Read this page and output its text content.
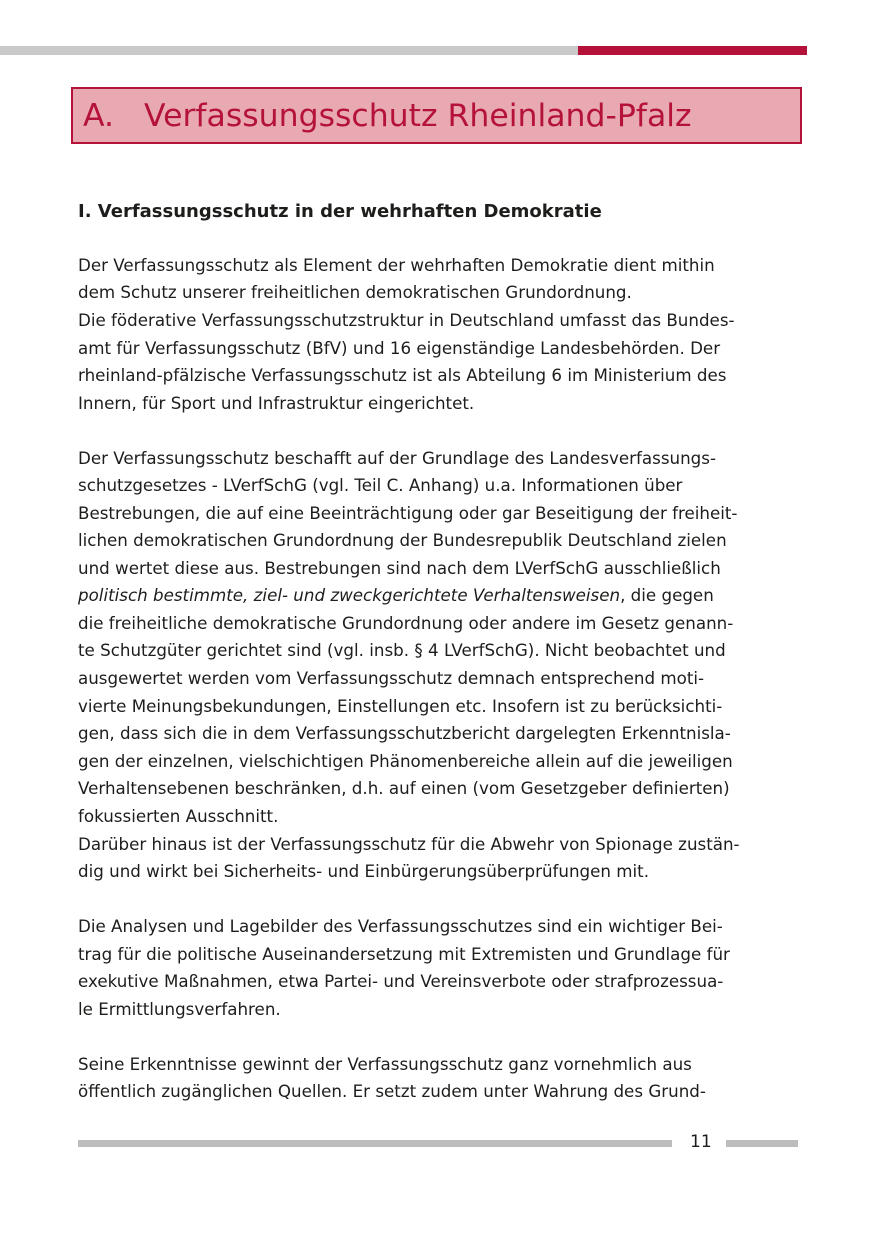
A. Verfassungsschutz Rheinland-Pfalz
I. Verfassungsschutz in der wehrhaften Demokratie

Der Verfassungsschutz als Element der wehrhaften Demokratie dient mithin

dem Schutz unserer freiheitlichen demokratischen Grundordnung.

Die föderative Verfassungsschutzstruktur in Deutschland umfasst das Bundes-

amt für Verfassungsschutz (BfV) und 16 eigenständige Landesbehörden. Der

rheinland-pfälzische Verfassungsschutz ist als Abteilung 6 im Ministerium des

Innern, für Sport und Infrastruktur eingerichtet.

Der Verfassungsschutz beschafft auf der Grundlage des Landesverfassungs-

schutzgesetzes - LVerfSchG (vgl. Teil C. Anhang) u.a. Informationen über

Bestrebungen, die auf eine Beeinträchtigung oder gar Beseitigung der freiheit-

lichen demokratischen Grundordnung der Bundesrepublik Deutschland zielen

und wertet diese aus. Bestrebungen sind nach dem LVerfSchG ausschließlich

politisch bestimmte, ziel- und zweckgerichtete Verhaltensweisen, die gegen

die freiheitliche demokratische Grundordnung oder andere im Gesetz genann-

te Schutzgüter gerichtet sind (vgl. insb. § 4 LVerfSchG). Nicht beobachtet und

ausgewertet werden vom Verfassungsschutz demnach entsprechend moti-

vierte Meinungsbekundungen, Einstellungen etc. Insofern ist zu berücksichti-

gen, dass sich die in dem Verfassungsschutzbericht dargelegten Erkenntnisla-

gen der einzelnen, vielschichtigen Phänomenbereiche allein auf die jeweiligen

Verhaltensebenen beschränken, d.h. auf einen (vom Gesetzgeber definierten)

fokussierten Ausschnitt.

Darüber hinaus ist der Verfassungsschutz für die Abwehr von Spionage zustän-

dig und wirkt bei Sicherheits- und Einbürgerungsüberprüfungen mit.

Die Analysen und Lagebilder des Verfassungsschutzes sind ein wichtiger Bei-

trag für die politische Auseinandersetzung mit Extremisten und Grundlage für

exekutive Maßnahmen, etwa Partei- und Vereinsverbote oder strafprozessua-

le Ermittlungsverfahren.

Seine Erkenntnisse gewinnt der Verfassungsschutz ganz vornehmlich aus

öffentlich zugänglichen Quellen. Er setzt zudem unter Wahrung des Grund-

11
